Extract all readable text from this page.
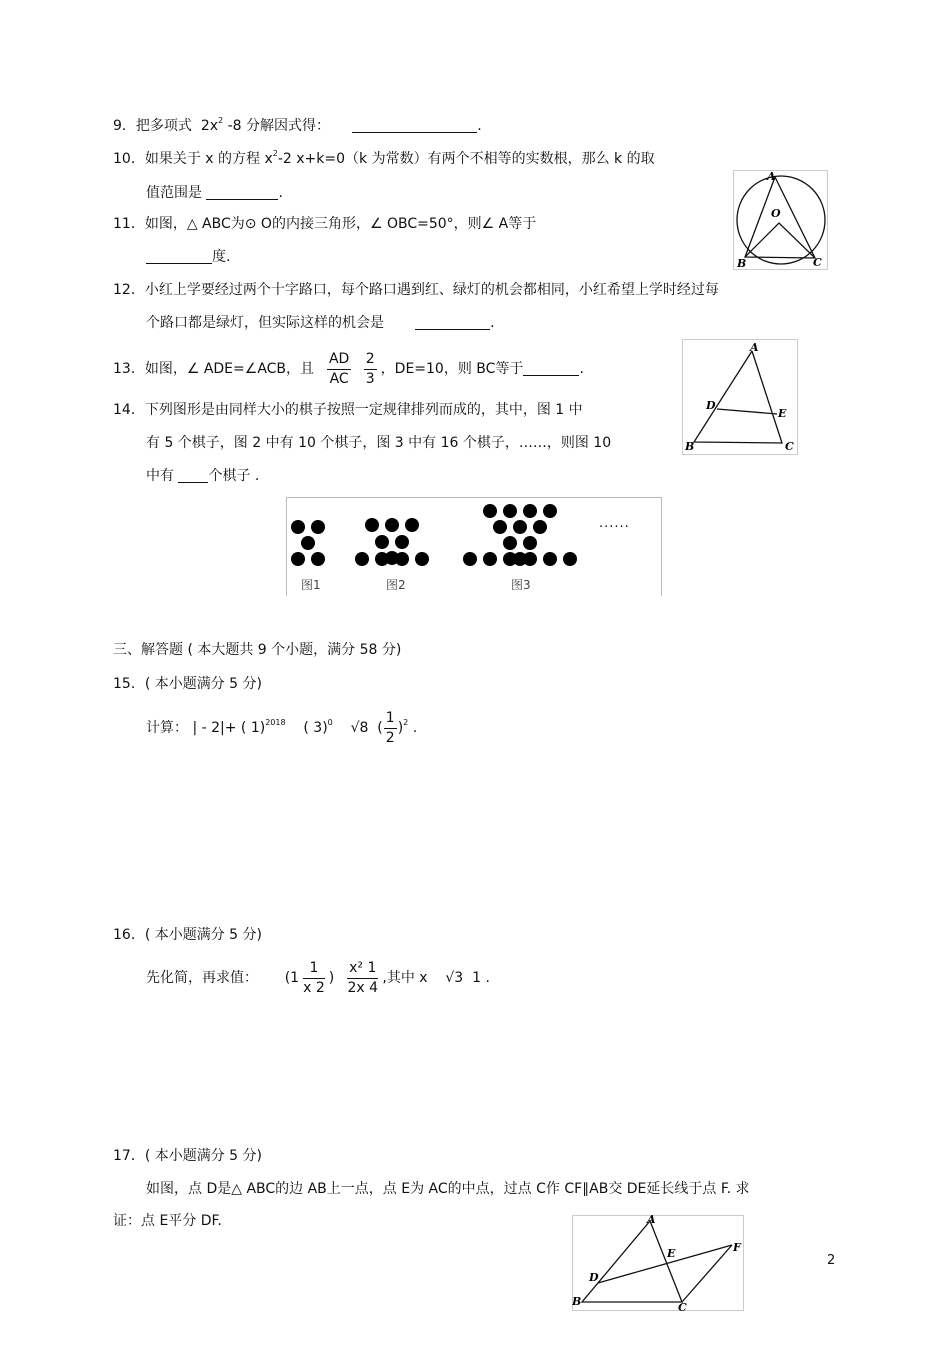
9．把多项式 $2x^2$ -8 分解因式得：	.
10．如果关于 x 的方程 $x^2-2$ x+k=0（k 为常数）有两个不相等的实数根，那么 k 的取
值范围是	.
A
O
B	C
11．如图，△ ABC为⊙ O的内接三角形，∠ OBC=50°，则∠ A等于
度.
12．小红上学要经过两个十字路口，每个路口遇到红、绿灯的机会都相同，小红希望上学时经过每
个路口都是绿灯，但实际这样的机会是	.
13．如图，∠ ADE=∠ACB，且 $\frac{AD}{AC}$
$\frac{2}{3}$ ，DE=10，则 BC等于	.
A
D
E
B	C
14．下列图形是由同样大小的棋子按照一定规律排列而成的，其中，图 1 中
有 5 个棋子，图 2 中有 10 个棋子，图 3 中有 16 个棋子，……，则图 10
中有 个棋子 .
图1	图2	图3
······
三、解答题 ( 本大题共 9 个小题，满分 58 分)
15．( 本小题满分 5 分)
计算： | - 2|+ ( 1)$^{2018}$ ( 3)$^0$ √8  ( $\frac{1}{2} )^2$ .
16．( 本小题满分 5 分)
先化简，再求值： ($1 \frac{1}{x 2}$ ) $\frac{\text{x² 1}}{2x 4}$ ,其中 x √3 1 .
17．( 本小题满分 5 分)
如图，点 D是△ ABC的边 AB上一点，点 E为 AC的中点，过点 C作 CF∥AB交 DE延长线于点 F. 求
证：点 E平分 DF.	A
E	F
D
B	C
2
